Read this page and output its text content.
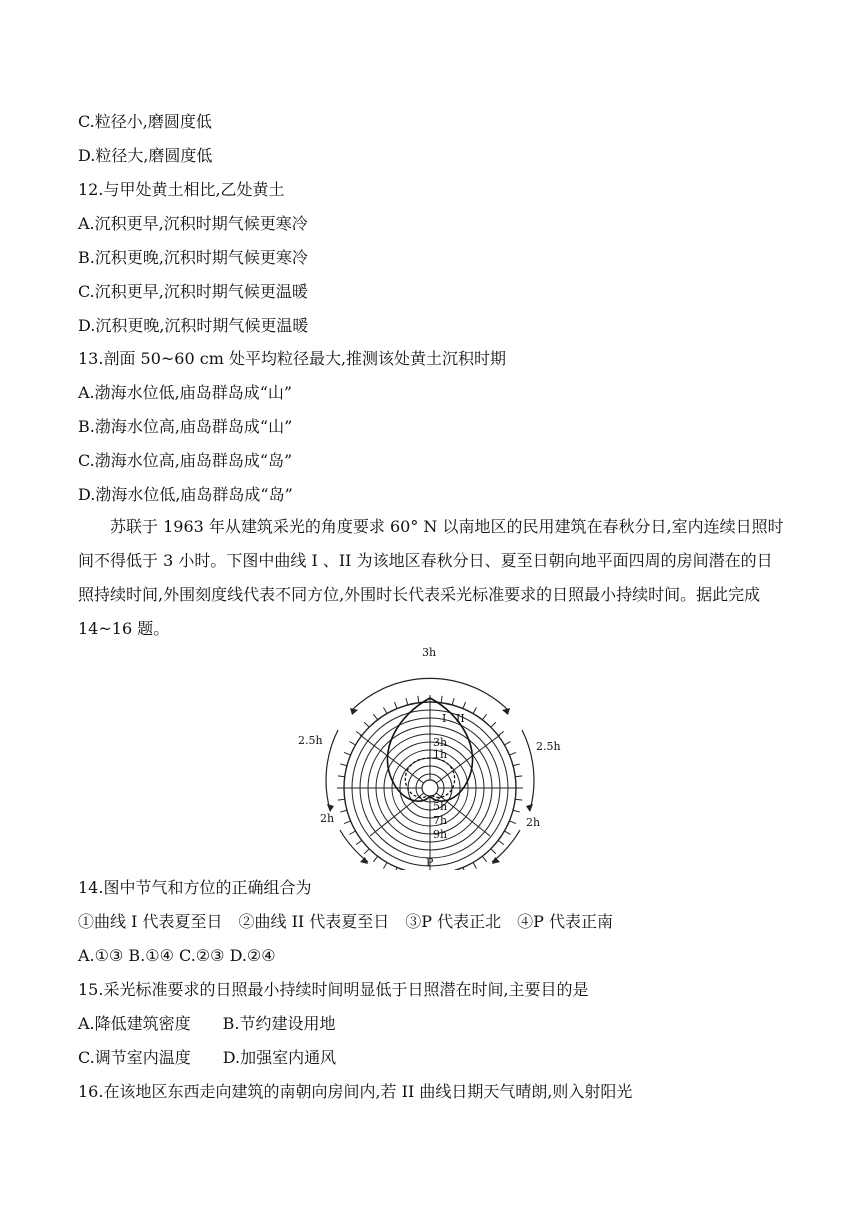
C.粒径小,磨圆度低
D.粒径大,磨圆度低
12.与甲处黄土相比,乙处黄土
A.沉积更早,沉积时期气候更寒冷
B.沉积更晚,沉积时期气候更寒冷
C.沉积更早,沉积时期气候更温暖
D.沉积更晚,沉积时期气候更温暖
13.剖面 50~60 cm 处平均粒径最大,推测该处黄土沉积时期
A.渤海水位低,庙岛群岛成“山”
B.渤海水位高,庙岛群岛成“山”
C.渤海水位高,庙岛群岛成“岛”
D.渤海水位低,庙岛群岛成“岛”
苏联于 1963 年从建筑采光的角度要求 60° N 以南地区的民用建筑在春秋分日,室内连续日照时间不得低于 3 小时。下图中曲线 I 、II 为该地区春秋分日、夏至日朝向地平面四周的房间潜在的日照持续时间,外围刻度线代表不同方位,外围时长代表采光标准要求的日照最小持续时间。据此完成 14~16 题。
3h
2.5h	2.5h
2h	2h
I II
3h
1h
5h
7h
9h
P
14.图中节气和方位的正确组合为
①曲线 I 代表夏至日　②曲线 II 代表夏至日　③P 代表正北　④P 代表正南
A.①③ B.①④ C.②③ D.②④
15.采光标准要求的日照最小持续时间明显低于日照潜在时间,主要目的是
A.降低建筑密度　　B.节约建设用地
C.调节室内温度　　D.加强室内通风
16.在该地区东西走向建筑的南朝向房间内,若 II 曲线日期天气晴朗,则入射阳光
